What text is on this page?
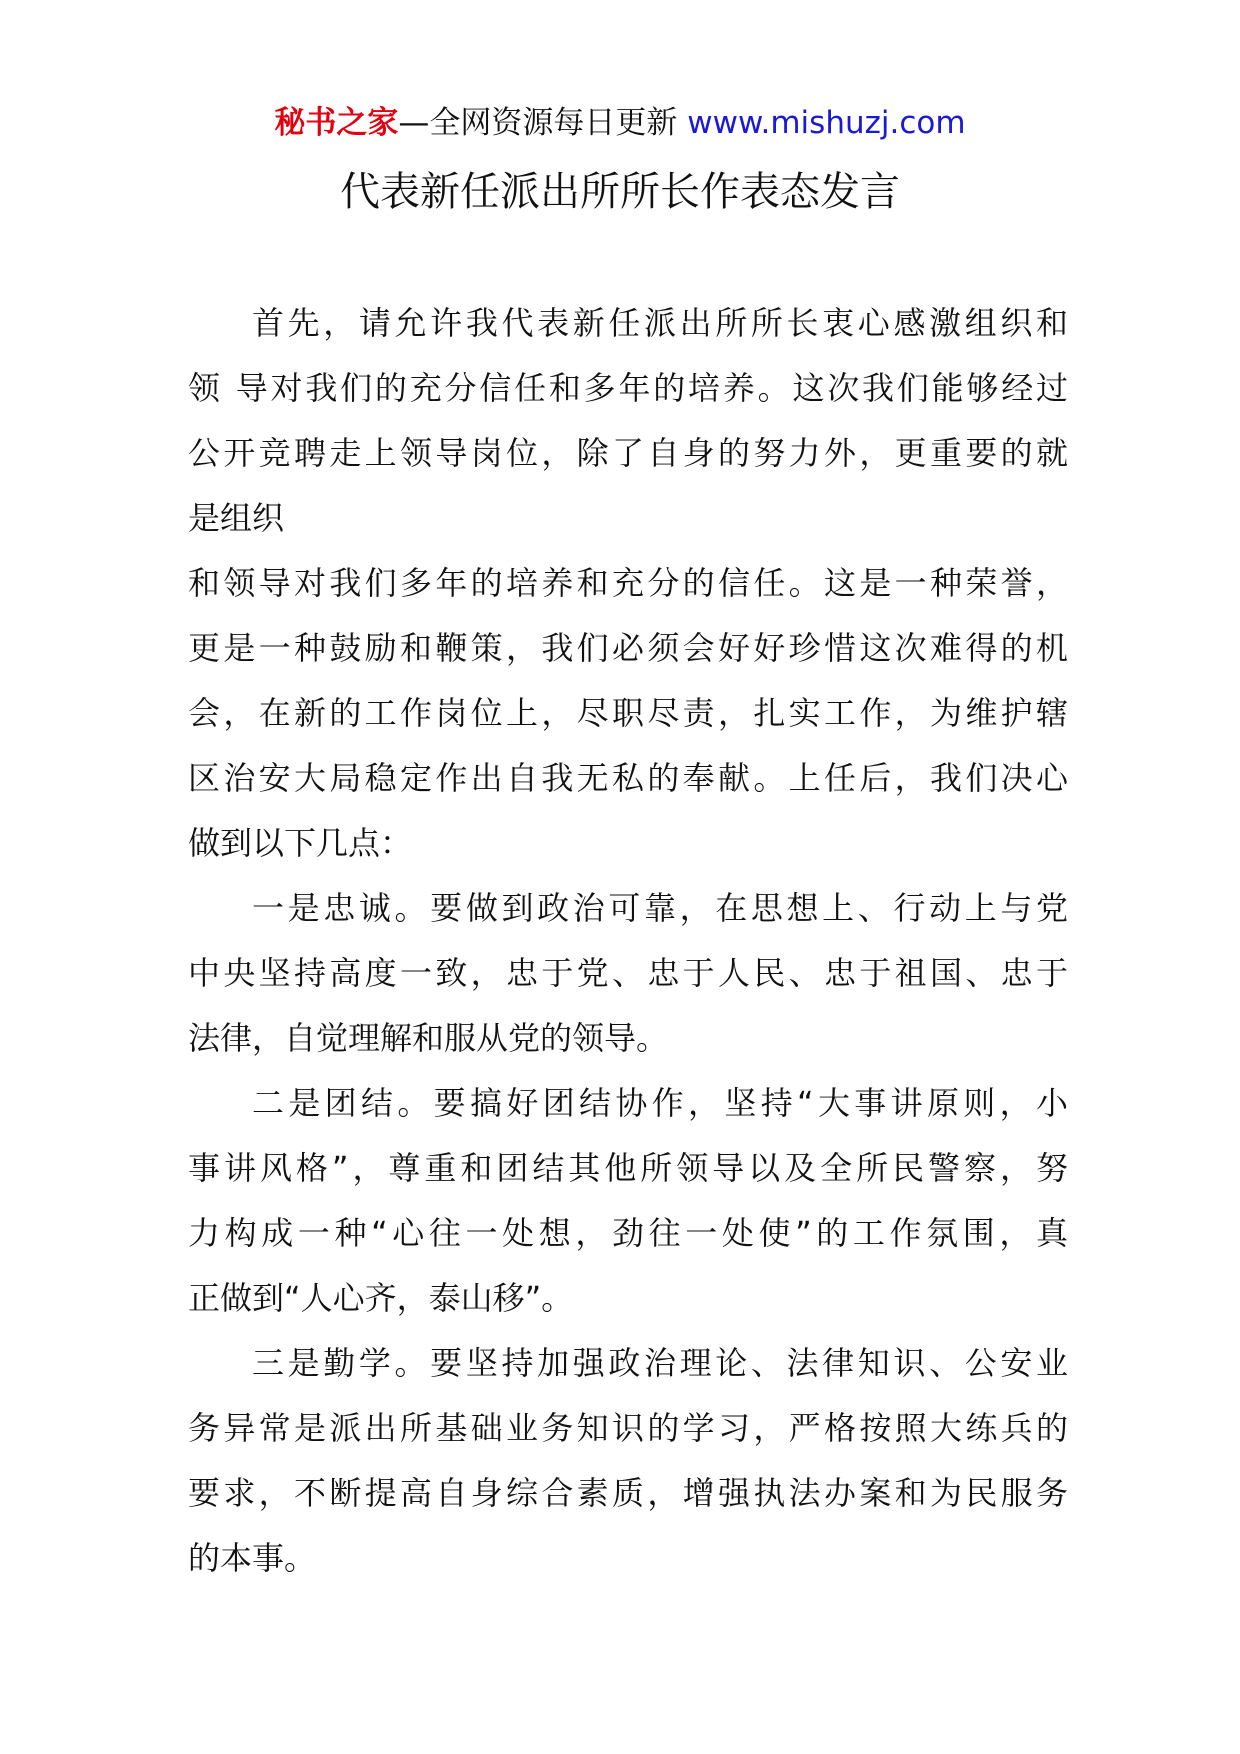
秘书之家—全网资源每日更新 www.mishuzj.com
代表新任派出所所长作表态发言
首先，请允许我代表新任派出所所长衷心感激组织和
领 导对我们的充分信任和多年的培养。这次我们能够经过
公开竞聘走上领导岗位，除了自身的努力外，更重要的就
是组织
和领导对我们多年的培养和充分的信任。这是一种荣誉，
更是一种鼓励和鞭策，我们必须会好好珍惜这次难得的机
会，在新的工作岗位上，尽职尽责，扎实工作，为维护辖
区治安大局稳定作出自我无私的奉献。上任后，我们决心
做到以下几点：
一是忠诚。要做到政治可靠，在思想上、行动上与党
中央坚持高度一致，忠于党、忠于人民、忠于祖国、忠于
法律，自觉理解和服从党的领导。
二是团结。要搞好团结协作，坚持“大事讲原则，小
事讲风格”，尊重和团结其他所领导以及全所民警察，努
力构成一种“心往一处想，劲往一处使”的工作氛围，真
正做到“人心齐，泰山移”。
三是勤学。要坚持加强政治理论、法律知识、公安业
务异常是派出所基础业务知识的学习，严格按照大练兵的
要求，不断提高自身综合素质，增强执法办案和为民服务
的本事。
